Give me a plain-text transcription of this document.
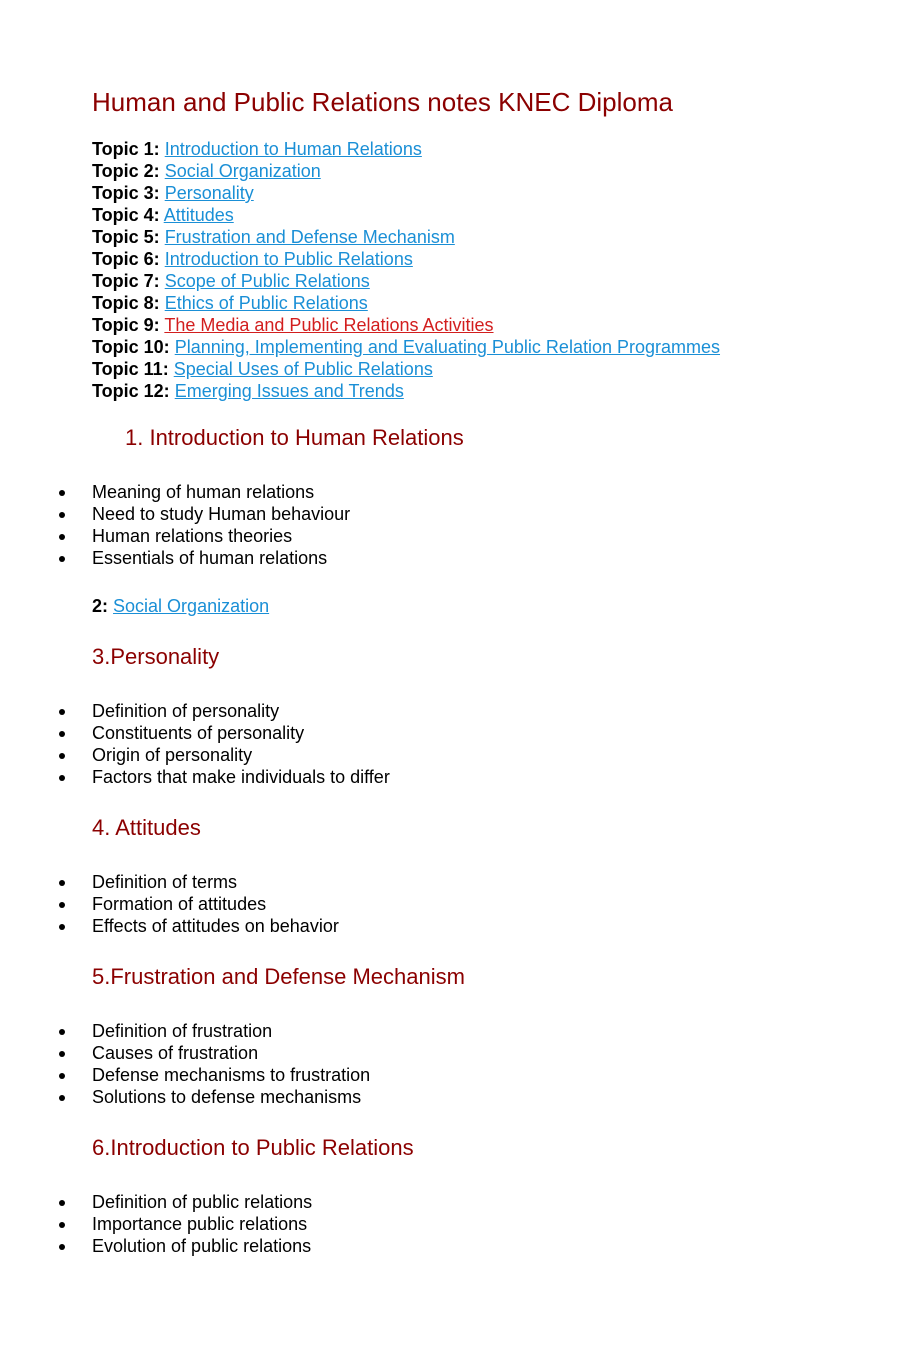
Human and Public Relations notes KNEC Diploma
Topic 1: Introduction to Human Relations
Topic 2: Social Organization
Topic 3: Personality
Topic 4: Attitudes
Topic 5: Frustration and Defense Mechanism
Topic 6: Introduction to Public Relations
Topic 7: Scope of Public Relations
Topic 8: Ethics of Public Relations
Topic 9: The Media and Public Relations Activities
Topic 10: Planning, Implementing and Evaluating Public Relation Programmes
Topic 11: Special Uses of Public Relations
Topic 12: Emerging Issues and Trends
1. Introduction to Human Relations
Meaning of human relations
Need to study Human behaviour
Human relations theories
Essentials of human relations

2: Social Organization

3.Personality
Definition of personality
Constituents of personality
Origin of personality
Factors that make individuals to differ
4. Attitudes
Definition of terms
Formation of attitudes
Effects of attitudes on behavior
5.Frustration and Defense Mechanism
Definition of frustration
Causes of frustration
Defense mechanisms to frustration
Solutions to defense mechanisms
6.Introduction to Public Relations
Definition of public relations
Importance public relations
Evolution of public relations
